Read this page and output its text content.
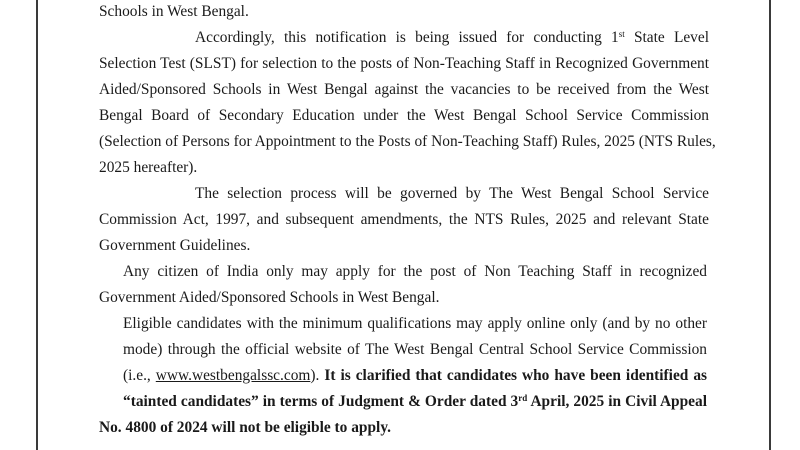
Schools in West Bengal.
Accordingly, this notification is being issued for conducting 1st State Level
Selection Test (SLST) for selection to the posts of Non-Teaching Staff in Recognized Government
Aided/Sponsored Schools in West Bengal against the vacancies to be received from the West
Bengal Board of Secondary Education under the West Bengal School Service Commission
(Selection of Persons for Appointment to the Posts of Non-Teaching Staff) Rules, 2025 (NTS Rules,
2025 hereafter).
The selection process will be governed by The West Bengal School Service
Commission Act, 1997, and subsequent amendments, the NTS Rules, 2025 and relevant State
Government Guidelines.
Any citizen of India only may apply for the post of Non Teaching Staff in recognized
Government Aided/Sponsored Schools in West Bengal.
Eligible candidates with the minimum qualifications may apply online only (and by no other
mode) through the official website of The West Bengal Central School Service Commission
(i.e., www.westbengalssc.com). It is clarified that candidates who have been identified as
“tainted candidates” in terms of Judgment & Order dated 3rd April, 2025 in Civil Appeal
No. 4800 of 2024 will not be eligible to apply.
